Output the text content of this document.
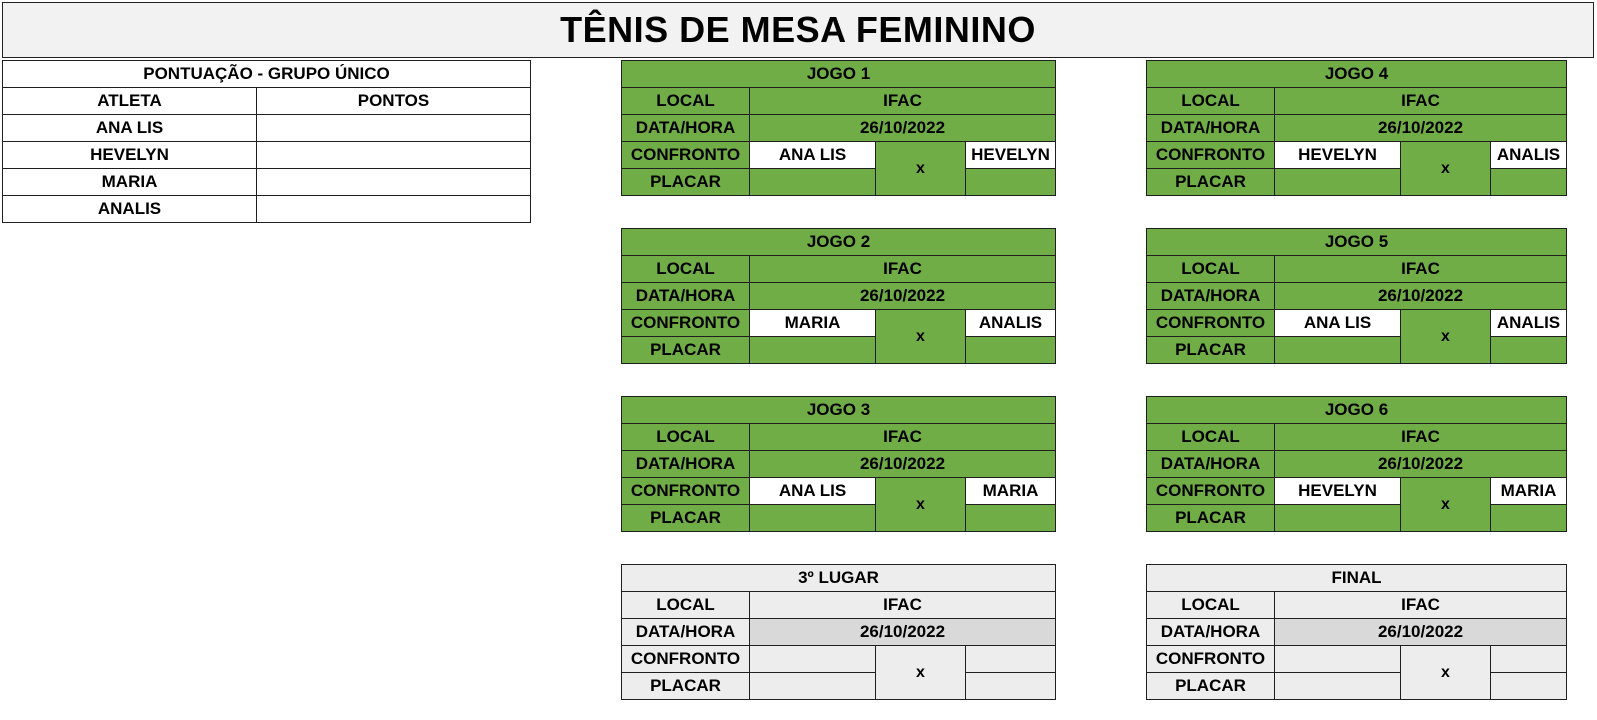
TÊNIS DE MESA FEMININO
PONTUAÇÃO - GRUPO ÚNICO	
ATLETA	PONTOS
ANA LIS	
HEVELYN	
MARIA	
ANALIS	
JOGO 1			
LOCAL	IFAC		
DATA/HORA	26/10/2022		
CONFRONTO	ANA LIS	x	HEVELYN
PLACAR			
JOGO 2			
LOCAL	IFAC		
DATA/HORA	26/10/2022		
CONFRONTO	MARIA	x	ANALIS
PLACAR			
JOGO 3			
LOCAL	IFAC		
DATA/HORA	26/10/2022		
CONFRONTO	ANA LIS	x	MARIA
PLACAR			
JOGO 4			
LOCAL	IFAC		
DATA/HORA	26/10/2022		
CONFRONTO	HEVELYN	x	ANALIS
PLACAR			
JOGO 5			
LOCAL	IFAC		
DATA/HORA	26/10/2022		
CONFRONTO	ANA LIS	x	ANALIS
PLACAR			
JOGO 6			
LOCAL	IFAC		
DATA/HORA	26/10/2022		
CONFRONTO	HEVELYN	x	MARIA
PLACAR			
3º LUGAR			
LOCAL	IFAC		
DATA/HORA	26/10/2022		
CONFRONTO		x	
PLACAR			
FINAL			
LOCAL	IFAC		
DATA/HORA	26/10/2022		
CONFRONTO		x	
PLACAR			
